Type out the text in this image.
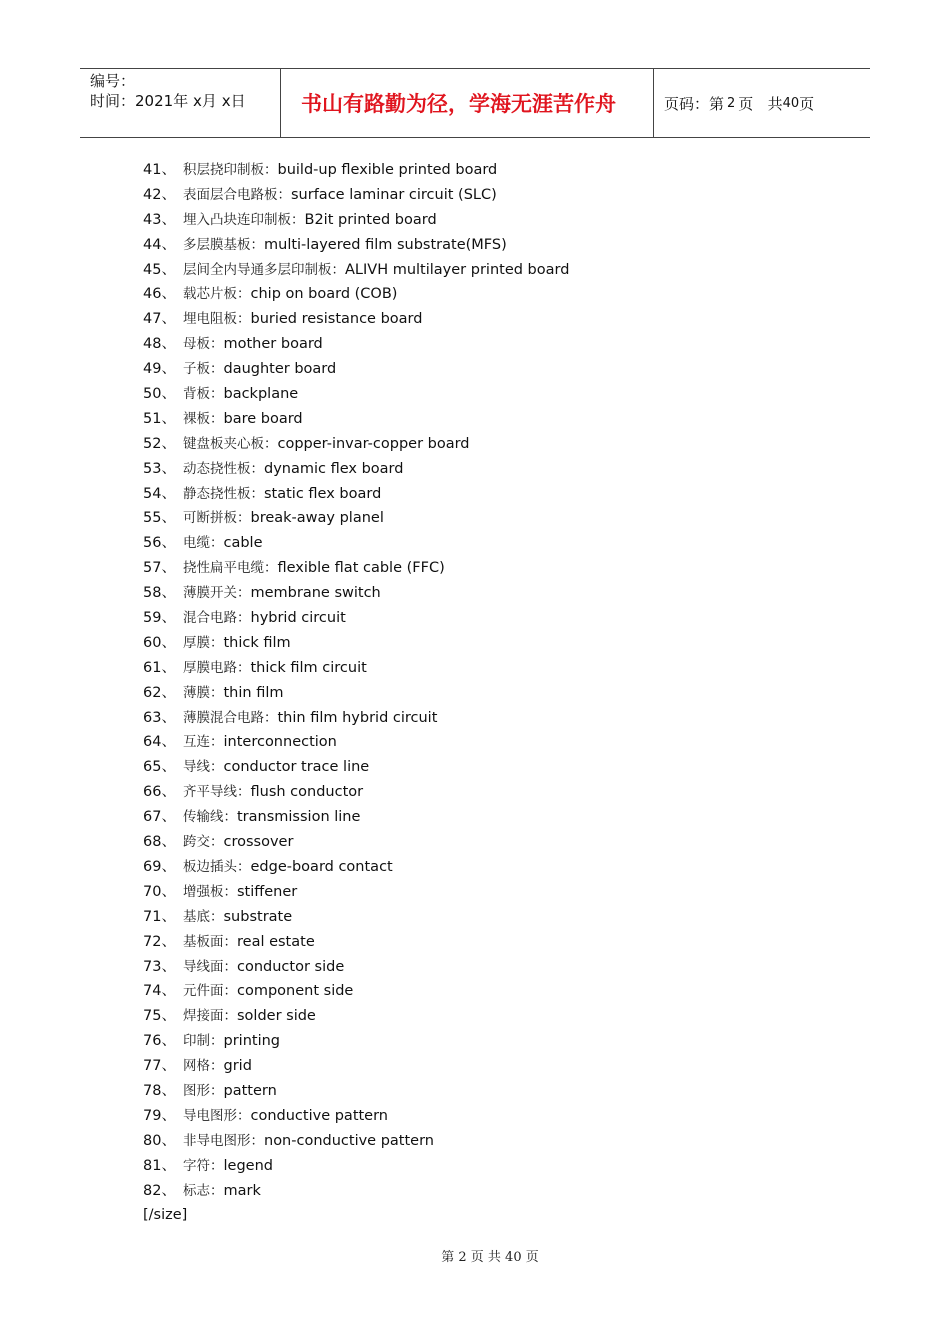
编号：
时间：2021年 x月 x日	书山有路勤为径，学海无涯苦作舟	页码：第 2 页   共 40 页
41、 积层挠印制板：build-up flexible printed board
42、 表面层合电路板：surface laminar circuit (SLC)
43、 埋入凸块连印制板：B2it printed board
44、 多层膜基板：multi-layered film substrate(MFS)
45、 层间全内导通多层印制板：ALIVH multilayer printed board
46、 载芯片板：chip on board (COB)
47、 埋电阻板：buried resistance board
48、 母板：mother board
49、 子板：daughter board
50、 背板：backplane
51、 裸板：bare board
52、 键盘板夹心板：copper-invar-copper board
53、 动态挠性板：dynamic flex board
54、 静态挠性板：static flex board
55、 可断拼板：break-away planel
56、 电缆：cable
57、 挠性扁平电缆：flexible flat cable (FFC)
58、 薄膜开关：membrane switch
59、 混合电路：hybrid circuit
60、 厚膜：thick film
61、 厚膜电路：thick film circuit
62、 薄膜：thin film
63、 薄膜混合电路：thin film hybrid circuit
64、 互连：interconnection
65、 导线：conductor trace line
66、 齐平导线：flush conductor
67、 传输线：transmission line
68、 跨交：crossover
69、 板边插头：edge-board contact
70、 增强板：stiffener
71、 基底：substrate
72、 基板面：real estate
73、 导线面：conductor side
74、 元件面：component side
75、 焊接面：solder side
76、 印制：printing
77、 网格：grid
78、 图形：pattern
79、 导电图形：conductive pattern
80、 非导电图形：non-conductive pattern
81、 字符：legend
82、 标志：mark
[/size]
第 2 页 共 40 页
